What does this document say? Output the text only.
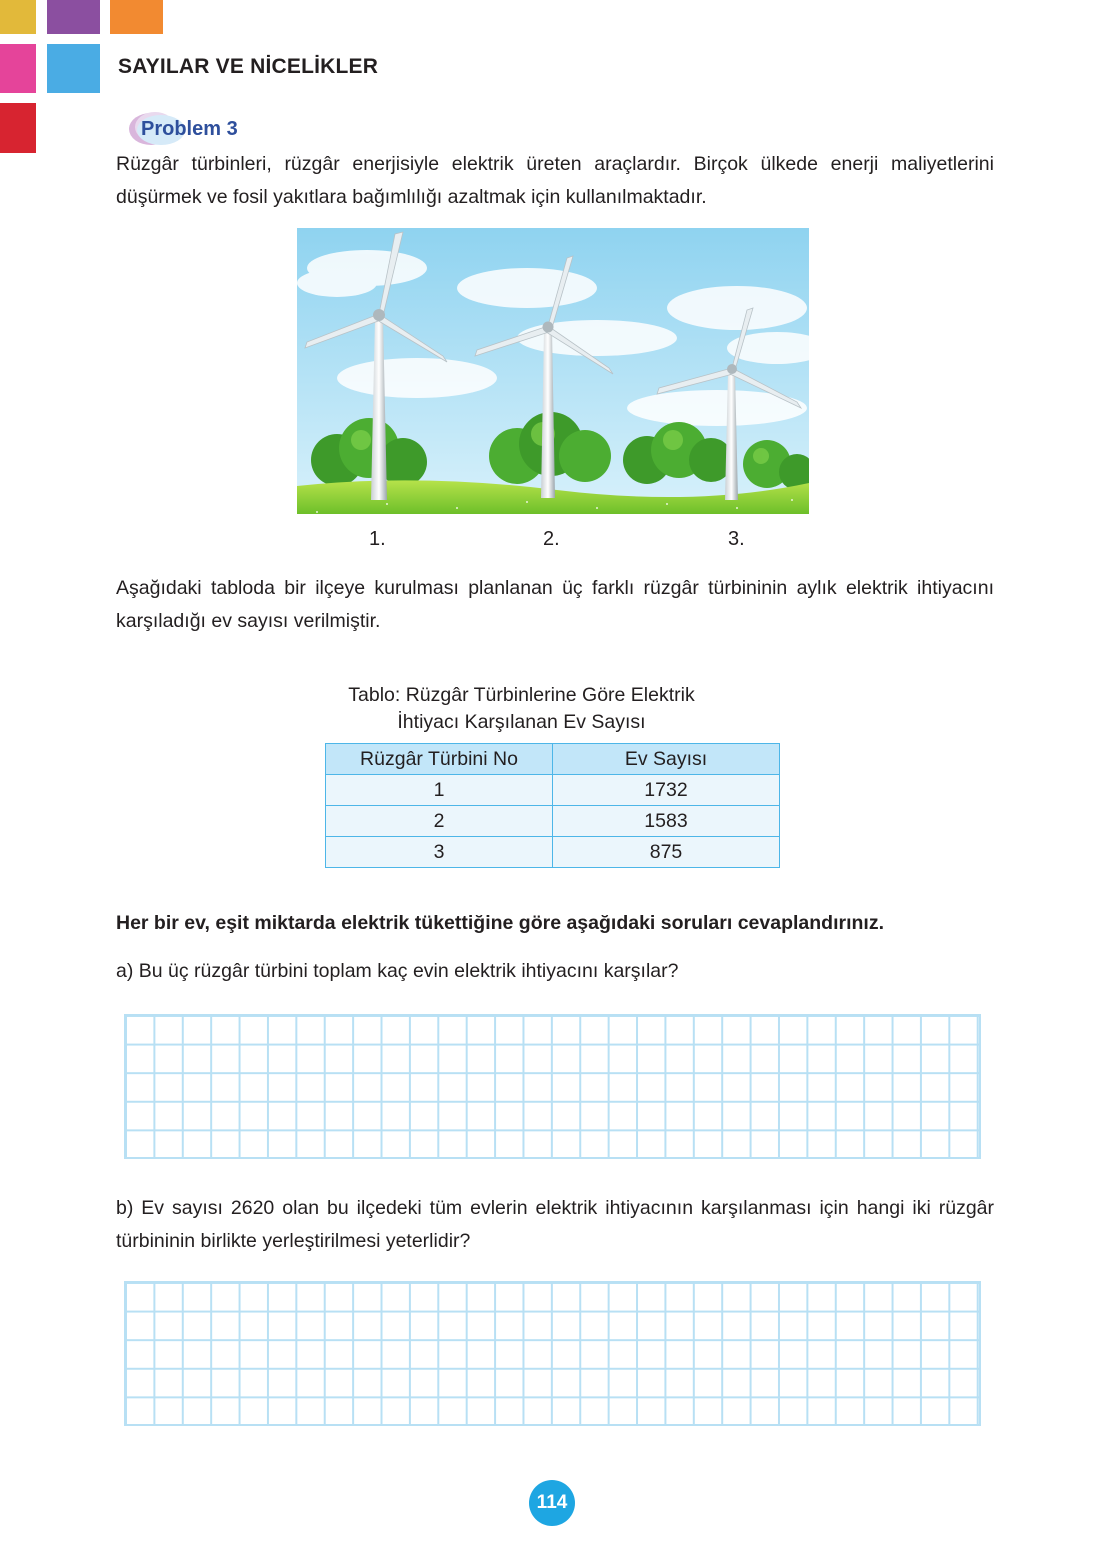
SAYILAR VE NİCELİKLER
Problem 3
Rüzgâr türbinleri, rüzgâr enerjisiyle elektrik üreten araçlardır. Birçok ülkede enerji maliyetlerini düşürmek ve fosil yakıtlara bağımlılığı azaltmak için kullanılmaktadır.
1.	2.	3.
Aşağıdaki tabloda bir ilçeye kurulması planlanan üç farklı rüzgâr türbininin aylık elektrik ihtiyacını karşıladığı ev sayısı verilmiştir.
Tablo: Rüzgâr Türbinlerine Göre Elektrik
İhtiyacı Karşılanan Ev Sayısı
Rüzgâr Türbini No	Ev Sayısı
1	1732
2	1583
3	875
Her bir ev, eşit miktarda elektrik tükettiğine göre aşağıdaki soruları cevaplandırınız.
a) Bu üç rüzgâr türbini toplam kaç evin elektrik ihtiyacını karşılar?
b) Ev sayısı 2620 olan bu ilçedeki tüm evlerin elektrik ihtiyacının karşılanması için hangi iki rüzgâr türbininin birlikte yerleştirilmesi yeterlidir?
114
